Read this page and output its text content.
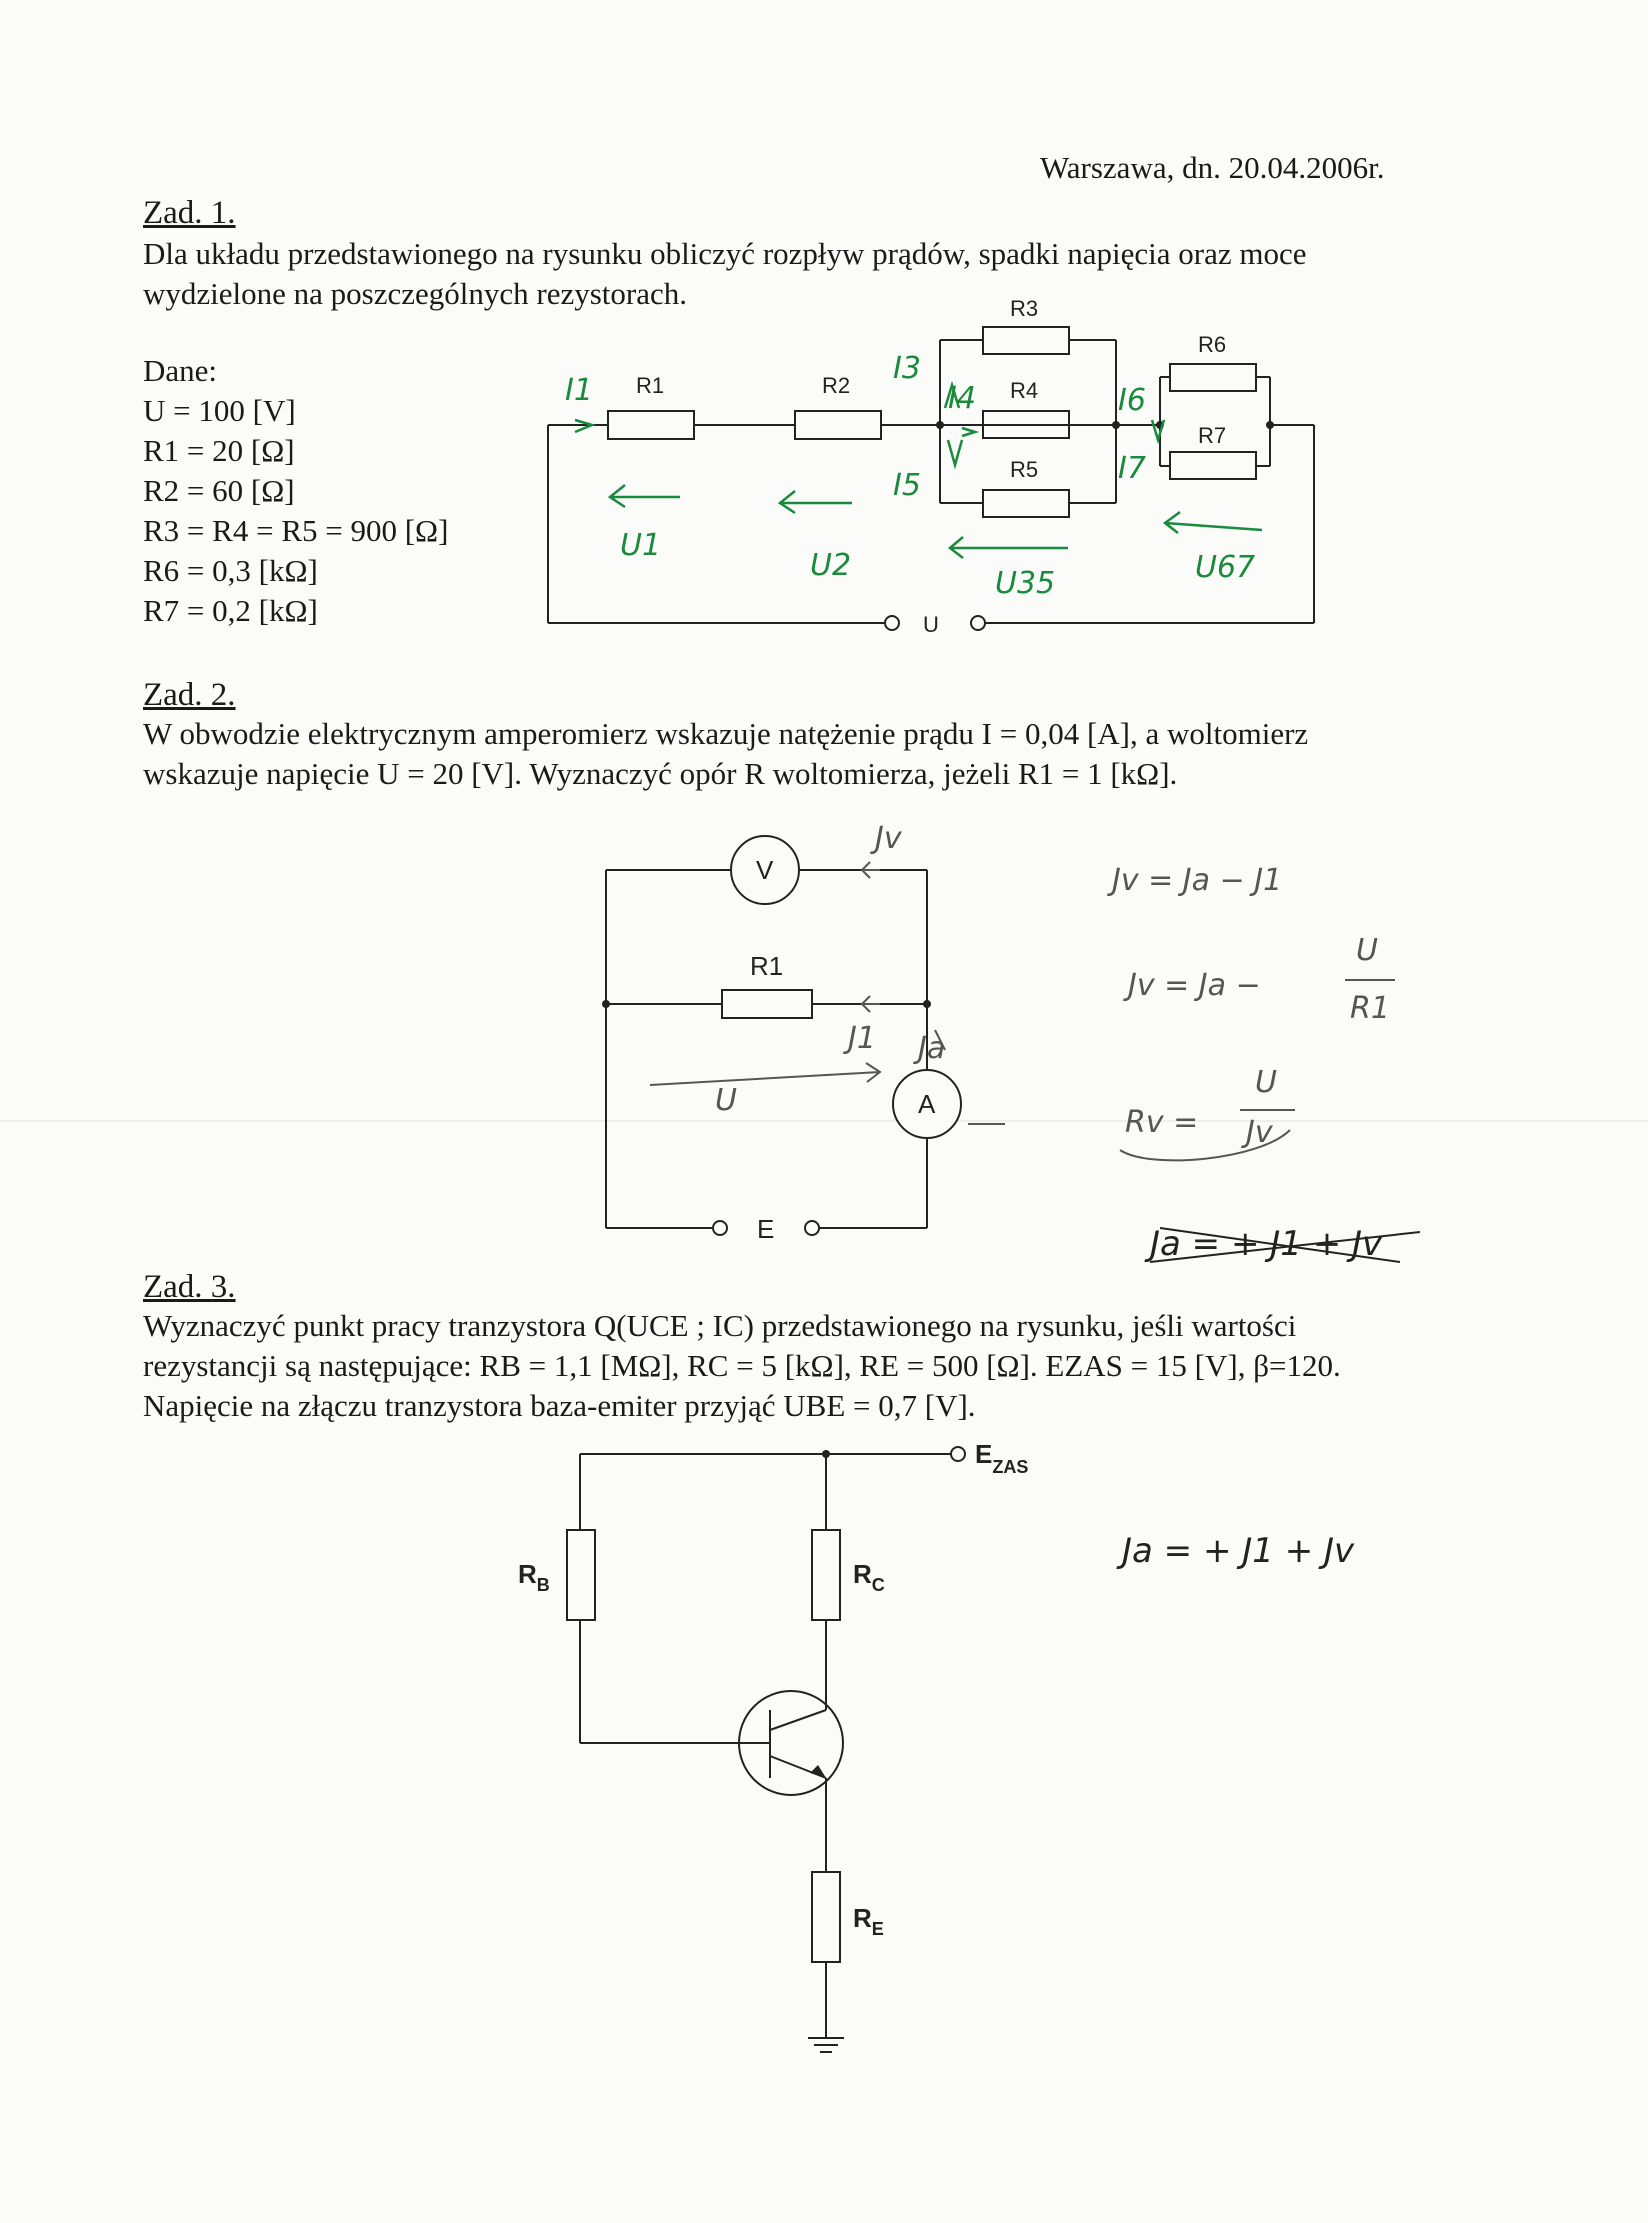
Warszawa, dn. 20.04.2006r.
Zad. 1.
Dla układu przedstawionego na rysunku obliczyć rozpływ prądów, spadki napięcia oraz moce wydzielone na poszczególnych rezystorach.
Dane:
U = 100 [V]
R1 = 20 [Ω]
R2 = 60 [Ω]
R3 = R4 = R5 = 900 [Ω]
R6 = 0,3 [kΩ]
R7 = 0,2 [kΩ]
R1	R2
R3
R4
R5
R6
R7
U
I1
I3
I4
I5
I6
I7
U1
U2
U35	U67
Zad. 2.
W obwodzie elektrycznym amperomierz wskazuje natężenie prądu I = 0,04 [A], a woltomierz wskazuje napięcie U = 20 [V]. Wyznaczyć opór R woltomierza, jeżeli R1 = 1 [kΩ].
V
R1
A
E
Jv
J1 Ja
U
Jv = Ja − J1
Jv = Ja −
U
R1
Rv =
U
Jv
Ja = + J1 + Jv
Zad. 3.
Wyznaczyć punkt pracy tranzystora Q(UCE ; IC) przedstawionego na rysunku, jeśli wartości rezystancji są następujące: RB = 1,1 [MΩ], RC = 5 [kΩ], RE = 500 [Ω]. EZAS = 15 [V], β=120. Napięcie na złączu tranzystora baza-emiter przyjąć UBE = 0,7 [V].
$E_{ZAS}$
$R_B$	$R_C$
$R_E$
Ja = + J1 + Jv
